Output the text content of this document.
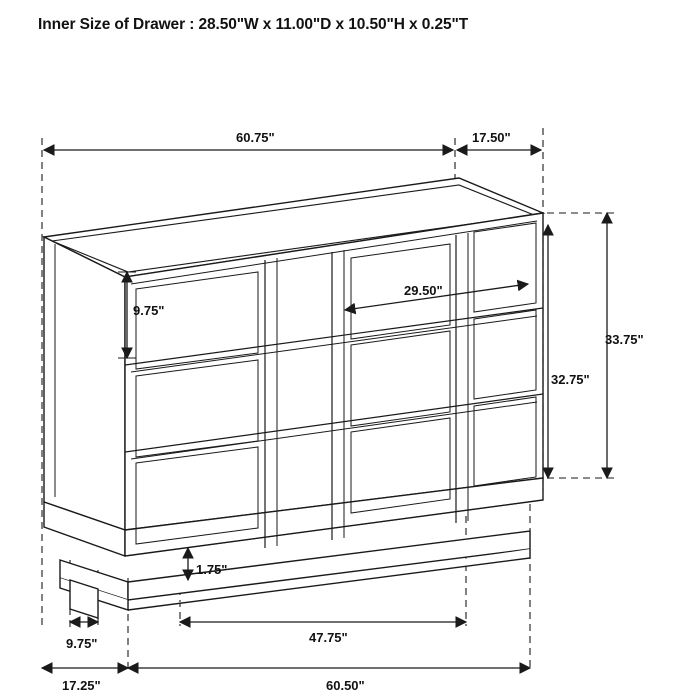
Inner Size of Drawer : 28.50"W x 11.00"D x 10.50"H x 0.25"T
60.75"	17.50"
9.75"
29.50"
33.75"
32.75"
1.75"
9.75"	47.75"
17.25"	60.50"
